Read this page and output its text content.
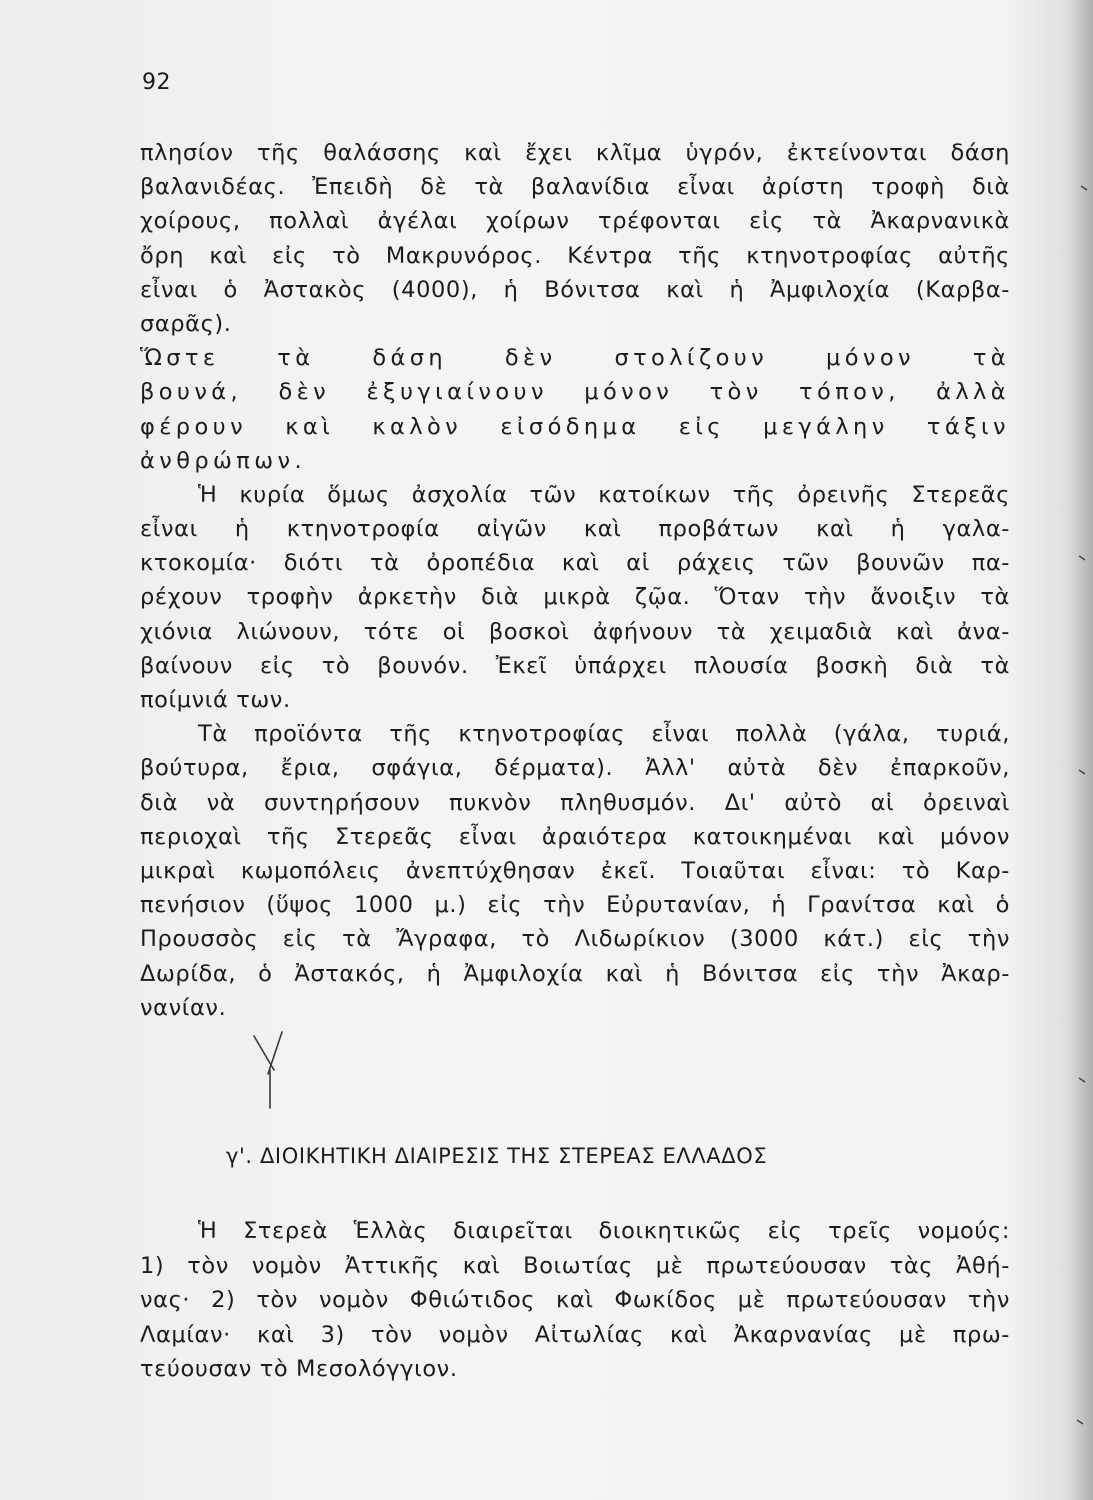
92
πλησίον τῆς θαλάσσης καὶ ἔχει κλῖμα ὑγρόν, ἐκτείνονται δάση
βαλανιδέας. Ἐπειδὴ δὲ τὰ βαλανίδια εἶναι ἀρίστη τροφὴ διὰ
χοίρους, πολλαὶ ἀγέλαι χοίρων τρέφονται εἰς τὰ Ἀκαρνανικὰ
ὄρη καὶ εἰς τὸ Μακρυνόρος. Κέντρα τῆς κτηνοτροφίας αὐτῆς
εἶναι ὁ Ἀστακὸς (4000), ἡ Βόνιτσα καὶ ἡ Ἀμφιλοχία (Καρβα-
σαρᾶς).
Ὥστε τὰ δάση δὲν στολίζουν μόνον τὰ
βουνά, δὲν ἐξυγιαίνουν μόνον τὸν τόπον, ἀλλὰ
φέρουν καὶ καλὸν εἰσόδημα εἰς μεγάλην τάξιν
ἀνθρώπων.
Ἡ κυρία ὅμως ἀσχολία τῶν κατοίκων τῆς ὀρεινῆς Στερεᾶς
εἶναι ἡ κτηνοτροφία αἰγῶν καὶ προβάτων καὶ ἡ γαλα-
κτοκομία· διότι τὰ ὀροπέδια καὶ αἱ ράχεις τῶν βουνῶν πα-
ρέχουν τροφὴν ἀρκετὴν διὰ μικρὰ ζῷα. Ὅταν τὴν ἄνοιξιν τὰ
χιόνια λιώνουν, τότε οἱ βοσκοὶ ἀφήνουν τὰ χειμαδιὰ καὶ ἀνα-
βαίνουν εἰς τὸ βουνόν. Ἐκεῖ ὑπάρχει πλουσία βοσκὴ διὰ τὰ
ποίμνιά των.
Τὰ προϊόντα τῆς κτηνοτροφίας εἶναι πολλὰ (γάλα, τυριά,
βούτυρα, ἔρια, σφάγια, δέρματα). Ἀλλ' αὐτὰ δὲν ἐπαρκοῦν,
διὰ νὰ συντηρήσουν πυκνὸν πληθυσμόν. Δι' αὐτὸ αἱ ὀρειναὶ
περιοχαὶ τῆς Στερεᾶς εἶναι ἀραιότερα κατοικημέναι καὶ μόνον
μικραὶ κωμοπόλεις ἀνεπτύχθησαν ἐκεῖ. Τοιαῦται εἶναι: τὸ Καρ-
πενήσιον (ὕψος 1000 μ.) εἰς τὴν Εὐρυτανίαν, ἡ Γρανίτσα καὶ ὁ
Προυσσὸς εἰς τὰ Ἄγραφα, τὸ Λιδωρίκιον (3000 κάτ.) εἰς τὴν
Δωρίδα, ὁ Ἀστακός, ἡ Ἀμφιλοχία καὶ ἡ Βόνιτσα εἰς τὴν Ἀκαρ-
νανίαν.
γ'. ΔΙΟΙΚΗΤΙΚΗ ΔΙΑΙΡΕΣΙΣ ΤΗΣ ΣΤΕΡΕΑΣ ΕΛΛΑΔΟΣ
Ἡ Στερεὰ Ἑλλὰς διαιρεῖται διοικητικῶς εἰς τρεῖς νομούς:
1) τὸν νομὸν Ἀττικῆς καὶ Βοιωτίας μὲ πρωτεύουσαν τὰς Ἀθή-
νας· 2) τὸν νομὸν Φθιώτιδος καὶ Φωκίδος μὲ πρωτεύουσαν τὴν
Λαμίαν· καὶ 3) τὸν νομὸν Αἰτωλίας καὶ Ἀκαρνανίας μὲ πρω-
τεύουσαν τὸ Μεσολόγγιον.
